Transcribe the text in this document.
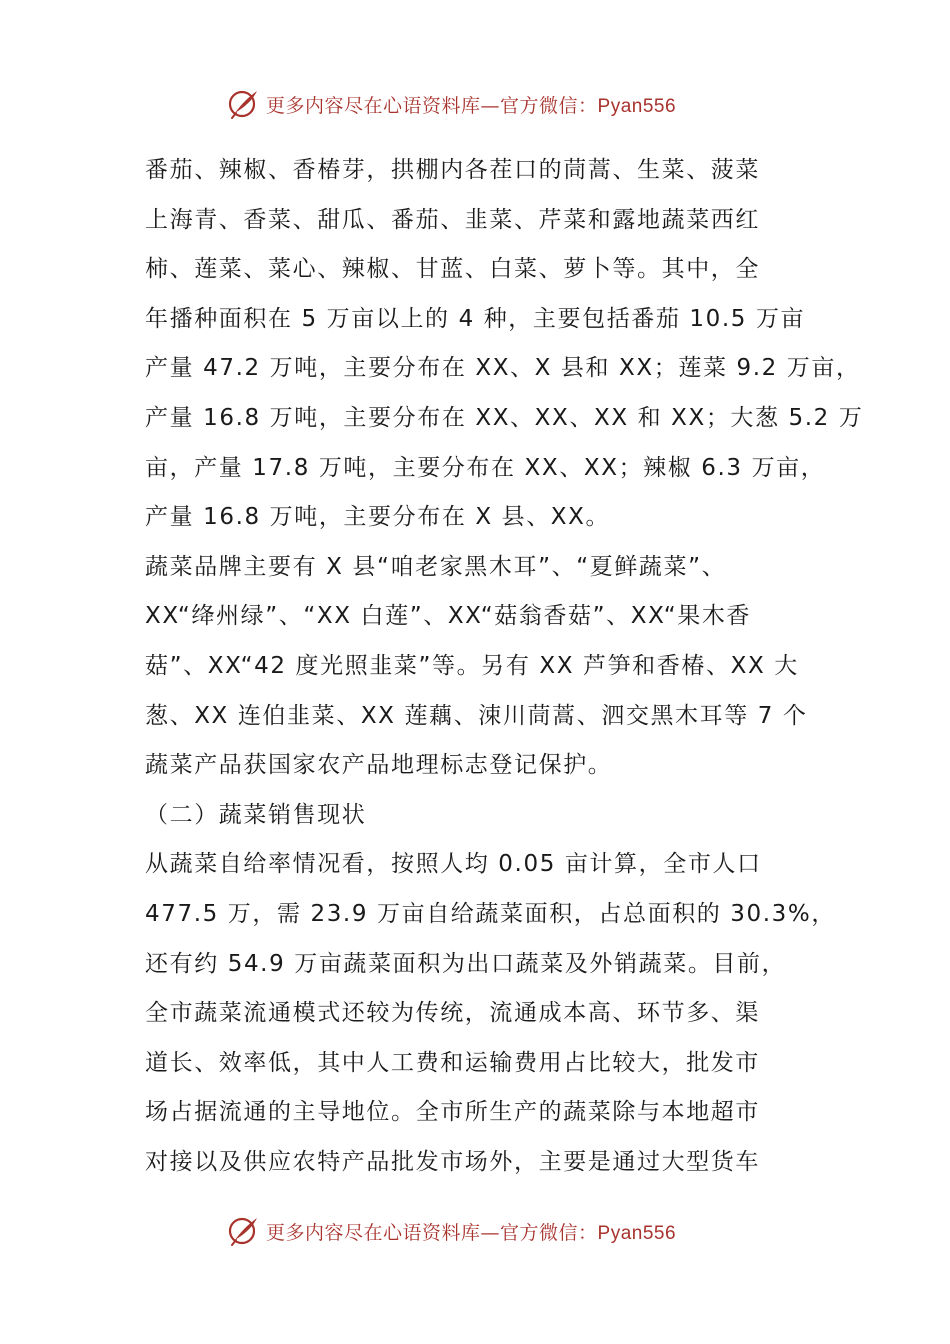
更多内容尽在心语资料库—官方微信：Pyan556
番茄、辣椒、香椿芽，拱棚内各茬口的茼蒿、生菜、菠菜
上海青、香菜、甜瓜、番茄、韭菜、芹菜和露地蔬菜西红
柿、莲菜、菜心、辣椒、甘蓝、白菜、萝卜等。其中，全
年播种面积在 5 万亩以上的 4 种，主要包括番茄 10.5 万亩
产量 47.2 万吨，主要分布在 XX、X 县和 XX；莲菜 9.2 万亩，
产量 16.8 万吨，主要分布在 XX、XX、XX 和 XX；大葱 5.2 万
亩，产量 17.8 万吨，主要分布在 XX、XX；辣椒 6.3 万亩，
产量 16.8 万吨，主要分布在 X 县、XX。
蔬菜品牌主要有 X 县“咱老家黑木耳”、“夏鲜蔬菜”、
XX“绛州绿”、“XX 白莲”、XX“菇翁香菇”、XX“果木香
菇”、XX“42 度光照韭菜”等。另有 XX 芦笋和香椿、XX 大
葱、XX 连伯韭菜、XX 莲藕、涑川茼蒿、泗交黑木耳等 7 个
蔬菜产品获国家农产品地理标志登记保护。
（二）蔬菜销售现状
从蔬菜自给率情况看，按照人均 0.05 亩计算，全市人口
477.5 万，需 23.9 万亩自给蔬菜面积，占总面积的 30.3%，
还有约 54.9 万亩蔬菜面积为出口蔬菜及外销蔬菜。目前，
全市蔬菜流通模式还较为传统，流通成本高、环节多、渠
道长、效率低，其中人工费和运输费用占比较大，批发市
场占据流通的主导地位。全市所生产的蔬菜除与本地超市
对接以及供应农特产品批发市场外，主要是通过大型货车
更多内容尽在心语资料库—官方微信：Pyan556
